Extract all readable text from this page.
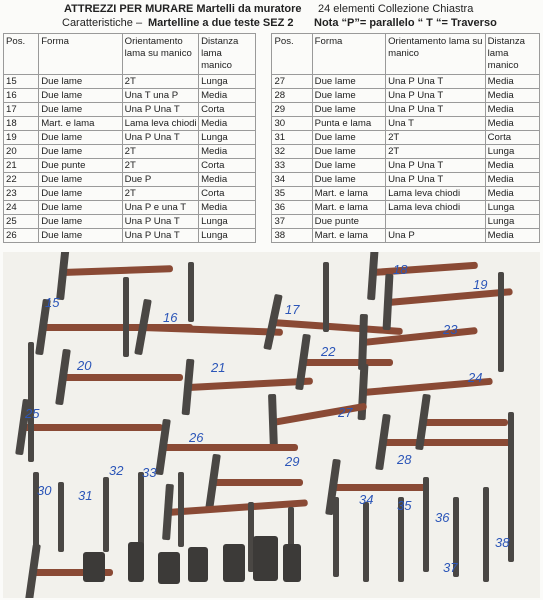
ATTREZZI PER MURARE Martelli da muratore 24 elementi Collezione Chiastra
Caratteristiche – Martelline a due teste SEZ 2 Nota “P”= parallelo “ T “= Traverso
Pos.	Forma	Orientamento lama su manico	Distanza lama manico		Pos.	Forma	Orientamento lama su manico	Distanza lama manico
15	Due lame	2T	Lunga		27	Due lame	Una P Una T	Media
16	Due lame	Una T una P	Media		28	Due lame	Una P Una T	Media
17	Due lame	Una P Una T	Corta		29	Due lame	Una P Una T	Media
18	Mart. e lama	Lama leva chiodi	Media		30	Punta e lama	Una T	Media
19	Due lame	Una P Una T	Lunga		31	Due lame	2T	Corta
20	Due lame	2T	Media		32	Due lame	2T	Lunga
21	Due punte	2T	Corta		33	Due lame	Una P Una T	Media
22	Due lame	Due P	Media		34	Due lame	Una P Una T	Media
23	Due lame	2T	Corta		35	Mart. e lama	Lama leva chiodi	Media
24	Due lame	Una P e una T	Media		36	Mart. e lama	Lama leva chiodi	Lunga
25	Due lame	Una P Una T	Lunga		37	Due punte		Lunga
26	Due lame	Una P Una T	Lunga		38	Mart. e lama	Una P	Media
15
16
17
18
19
20	21
22
23
24
25
26
27
28
29
30 31
32 33
34 35
36
37
38
